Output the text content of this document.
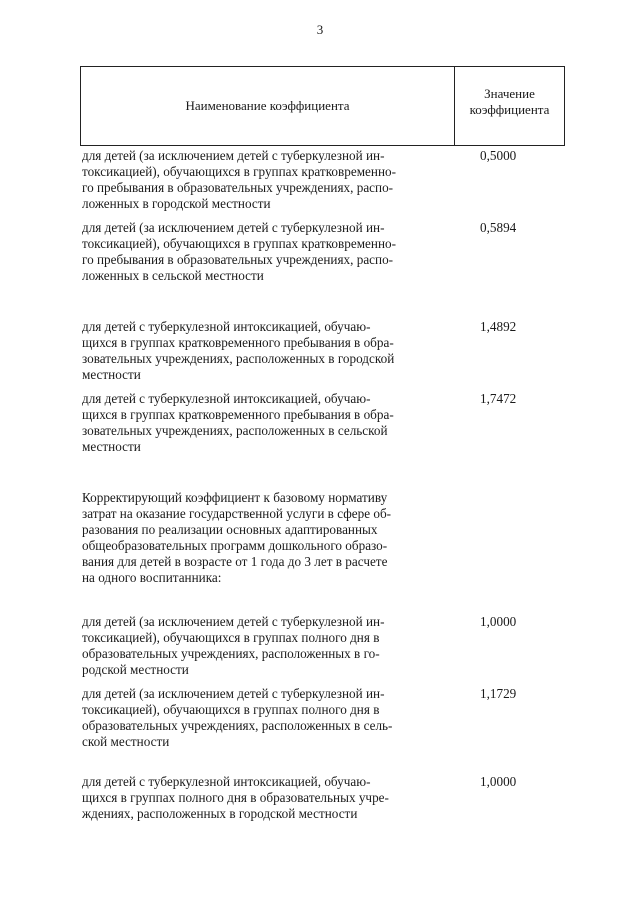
3
Наименование коэффициента
Значение
коэффициента
для детей (за исключением детей с туберкулезной ин-
токсикацией), обучающихся в группах кратковременно-
го пребывания в образовательных учреждениях, распо-
ложенных в городской местности
0,5000
для детей (за исключением детей с туберкулезной ин-
токсикацией), обучающихся в группах кратковременно-
го пребывания в образовательных учреждениях, распо-
ложенных в сельской местности
0,5894
для детей с туберкулезной интоксикацией, обучаю-
щихся в группах кратковременного пребывания в обра-
зовательных учреждениях, расположенных в городской
местности
1,4892
для детей с туберкулезной интоксикацией, обучаю-
щихся в группах кратковременного пребывания в обра-
зовательных учреждениях, расположенных в сельской
местности
1,7472
Корректирующий коэффициент к базовому нормативу
затрат на оказание государственной услуги в сфере об-
разования по реализации основных адаптированных
общеобразовательных программ дошкольного образо-
вания для детей в возрасте от 1 года до 3 лет в расчете
на одного воспитанника:
для детей (за исключением детей с туберкулезной ин-
токсикацией), обучающихся в группах полного дня в
образовательных учреждениях, расположенных в го-
родской местности
1,0000
для детей (за исключением детей с туберкулезной ин-
токсикацией), обучающихся в группах полного дня в
образовательных учреждениях, расположенных в сель-
ской местности
1,1729
для детей с туберкулезной интоксикацией, обучаю-
щихся в группах полного дня в образовательных учре-
ждениях, расположенных в городской местности
1,0000
